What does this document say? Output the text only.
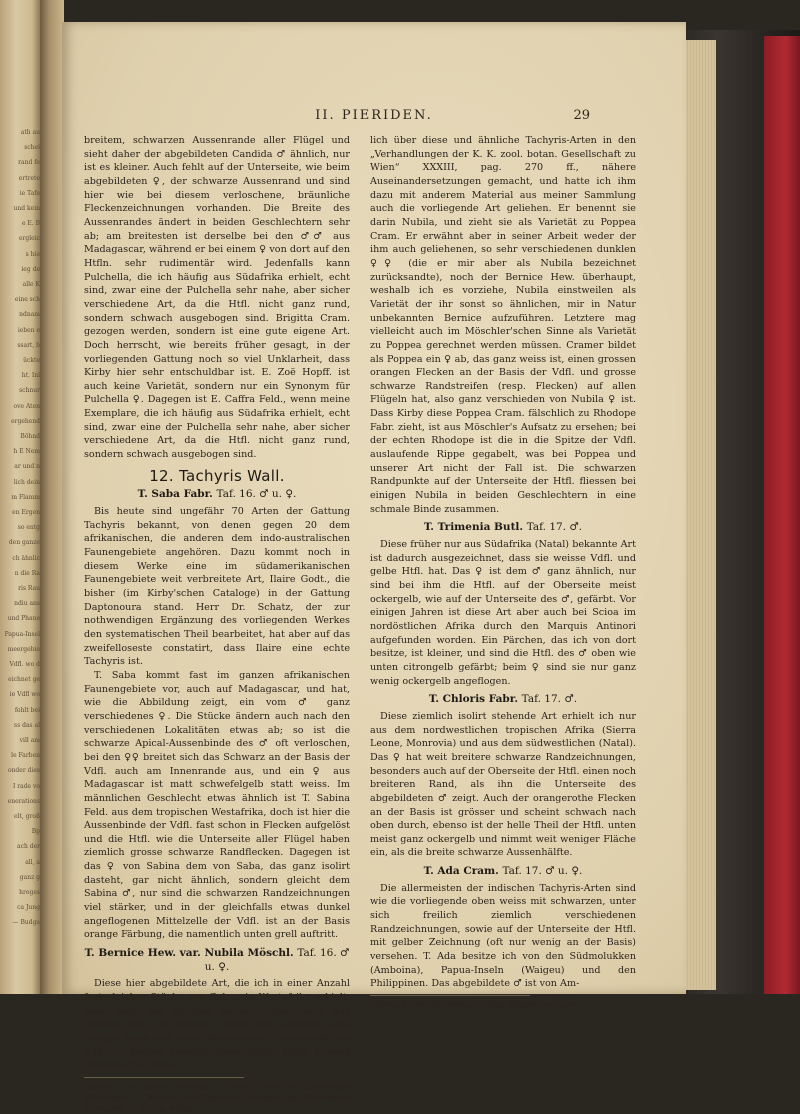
ath au
schei
rand fe
ertrete
ie Tafe
und kein
e E. B
ergleic
s hie
ieg de
alle K
eine sch
ndnam
ieben e
ssart, b
ückte
ht. Inl
schnur
ove Aten
ergehend
Böhnd
h E Nem
ar und n
lich dein
m Flamm
en Ergen
so entg
den ganze
ch ähnlic
n die Ra
ris Rau
ndiu ans
und Phane
Papua-Insel
meergebie
Vdfl. wo d
eichnet ge
ie Vdfl wo
fehlt bei
ss das al
vill am
le Farben
onder dies
I rade vo
enerations
elt, groß
Bp
ach der
all, a
ganz g
hroges
ca Jung
— Budga
II. PIERIDEN.	29

breitem, schwarzen Aussenrande aller Flügel und sieht daher der abgebildeten Candida ♂ ähnlich, nur ist es kleiner. Auch fehlt auf der Unterseite, wie beim abgebildeten ♀, der schwarze Aussenrand und sind hier wie bei diesem verloschene, bräunliche Fleckenzeichnungen vorhanden. Die Breite des Aussenrandes ändert in beiden Geschlechtern sehr ab; am breitesten ist derselbe bei den ♂♂ aus Madagascar, während er bei einem ♀ von dort auf den Htfln. sehr rudimentär wird. Jedenfalls kann Pulchella, die ich häufig aus Südafrika erhielt, echt sind, zwar eine der Pulchella sehr nahe, aber sicher verschiedene Art, da die Htfl. nicht ganz rund, sondern schwach ausgebogen sind. Brigitta Cram. gezogen werden, sondern ist eine gute eigene Art. Doch herrscht, wie bereits früher gesagt, in der vorliegenden Gattung noch so viel Unklarheit, dass Kirby hier sehr entschuldbar ist. E. Zoë Hopff. ist auch keine Varietät, sondern nur ein Synonym für Pulchella ♀. Dagegen ist E. Caffra Feld., wenn meine Exemplare, die ich häufig aus Südafrika erhielt, echt sind, zwar eine der Pulchella sehr nahe, aber sicher verschiedene Art, da die Htfl. nicht ganz rund, sondern schwach ausgebogen sind.

12. Tachyris Wall.
T. Saba Fabr. Taf. 16. ♂ u. ♀.

Bis heute sind ungefähr 70 Arten der Gattung Tachyris bekannt, von denen gegen 20 dem afrikanischen, die anderen dem indo-australischen Faunengebiete angehören. Dazu kommt noch in diesem Werke eine im südamerikanischen Faunengebiete weit verbreitete Art, Ilaire Godt., die bisher (im Kirby'schen Cataloge) in der Gattung Daptonoura stand. Herr Dr. Schatz, der zur nothwendigen Ergänzung des vorliegenden Werkes den systematischen Theil bearbeitet, hat aber auf das zweifelloseste constatirt, dass Ilaire eine echte Tachyris ist.

T. Saba kommt fast im ganzen afrikanischen Faunengebiete vor, auch auf Madagascar, und hat, wie die Abbildung zeigt, ein vom ♂ ganz verschiedenes ♀. Die Stücke ändern auch nach den verschiedenen Lokalitäten etwas ab; so ist die schwarze Apical-Aussenbinde des ♂ oft verloschen, bei den ♀♀ breitet sich das Schwarz an der Basis der Vdfl. auch am Innenrande aus, und ein ♀ aus Madagascar ist matt schwefelgelb statt weiss. Im männlichen Geschlecht etwas ähnlich ist T. Sabina Feld. aus dem tropischen Westafrika, doch ist hier die Aussenbinde der Vdfl. fast schon in Flecken aufgelöst und die Htfl. wie die Unterseite aller Flügel haben ziemlich grosse schwarze Randflecken. Dagegen ist das ♀ von Sabina dem von Saba, das ganz isolirt dasteht, gar nicht ähnlich, sondern gleicht dem Sabina ♂, nur sind die schwarzen Randzeichnungen viel stärker, und in der gleichfalls etwas dunkel angeflogenen Mittelzelle der Vdfl. ist an der Basis orange Färbung, die namentlich unten grell auftritt.

T. Bernice Hew. var. Nubila Möschl. Taf. 16. ♂ u. ♀.

Diese hier abgebildete Art, die ich in einer Anzahl fast gleicher Stücke aus Gabun in Westafrika erhielt, kann nicht die typische Bernice Hew. (auch aus Gabun) sein, da letztere, sonst ganz ähnlich, eine orange Basis und einen ebensolchen Vorderrand der Vdfl. in beiden Geschlechtern zeigt. Mein Freund Möschler hat kürz-

Tachyris von tachys, schnell. — Saba, Hafen am arabischen Meerbusen. — Bernice oder Berenice, Gemahlin des Ptolomaeus Euergetes. — Nubila, wolkig.

lich über diese und ähnliche Tachyris-Arten in den „Verhandlungen der K. K. zool. botan. Gesellschaft zu Wien“ XXXIII, pag. 270 ff., nähere Auseinandersetzungen gemacht, und hatte ich ihm dazu mit anderem Material aus meiner Sammlung auch die vorliegende Art geliehen. Er benennt sie darin Nubila, und zieht sie als Varietät zu Poppea Cram. Er erwähnt aber in seiner Arbeit weder der ihm auch geliehenen, so sehr verschiedenen dunklen ♀♀ (die er mir aber als Nubila bezeichnet zurücksandte), noch der Bernice Hew. überhaupt, weshalb ich es vorziehe, Nubila einstweilen als Varietät der ihr sonst so ähnlichen, mir in Natur unbekannten Bernice aufzuführen. Letztere mag vielleicht auch im Möschler'schen Sinne als Varietät zu Poppea gerechnet werden müssen. Cramer bildet als Poppea ein ♀ ab, das ganz weiss ist, einen grossen orangen Flecken an der Basis der Vdfl. und grosse schwarze Randstreifen (resp. Flecken) auf allen Flügeln hat, also ganz verschieden von Nubila ♀ ist. Dass Kirby diese Poppea Cram. fälschlich zu Rhodope Fabr. zieht, ist aus Möschler's Aufsatz zu ersehen; bei der echten Rhodope ist die in die Spitze der Vdfl. auslaufende Rippe gegabelt, was bei Poppea und unserer Art nicht der Fall ist. Die schwarzen Randpunkte auf der Unterseite der Htfl. fliessen bei einigen Nubila in beiden Geschlechtern in eine schmale Binde zusammen.

T. Trimenia Butl. Taf. 17. ♂.

Diese früher nur aus Südafrika (Natal) bekannte Art ist dadurch ausgezeichnet, dass sie weisse Vdfl. und gelbe Htfl. hat. Das ♀ ist dem ♂ ganz ähnlich, nur sind bei ihm die Htfl. auf der Oberseite meist ockergelb, wie auf der Unterseite des ♂, gefärbt. Vor einigen Jahren ist diese Art aber auch bei Scioa im nordöstlichen Afrika durch den Marquis Antinori aufgefunden worden. Ein Pärchen, das ich von dort besitze, ist kleiner, und sind die Htfl. des ♂ oben wie unten citrongelb gefärbt; beim ♀ sind sie nur ganz wenig ockergelb angeflogen.

T. Chloris Fabr. Taf. 17. ♂.

Diese ziemlich isolirt stehende Art erhielt ich nur aus dem nordwestlichen tropischen Afrika (Sierra Leone, Monrovia) und aus dem südwestlichen (Natal). Das ♀ hat weit breitere schwarze Randzeichnungen, besonders auch auf der Oberseite der Htfl. einen noch breiteren Rand, als ihn die Unterseite des abgebildeten ♂ zeigt. Auch der orangerothe Flecken an der Basis ist grösser und scheint schwach nach oben durch, ebenso ist der helle Theil der Htfl. unten meist ganz ockergelb und nimmt weit weniger Fläche ein, als die breite schwarze Aussenhälfte.

T. Ada Cram. Taf. 17. ♂ u. ♀.

Die allermeisten der indischen Tachyris-Arten sind wie die vorliegende oben weiss mit schwarzen, unter sich freilich ziemlich verschiedenen Randzeichnungen, sowie auf der Unterseite der Htfl. mit gelber Zeichnung (oft nur wenig an der Basis) versehen. T. Ada besitze ich von den Südmolukken (Amboina), Papua-Inseln (Waigeu) und den Philippinen. Das abgebildete ♂ ist von Am-

Chloris, Mutter des Nestor. — Ada, Königin von Karien.
